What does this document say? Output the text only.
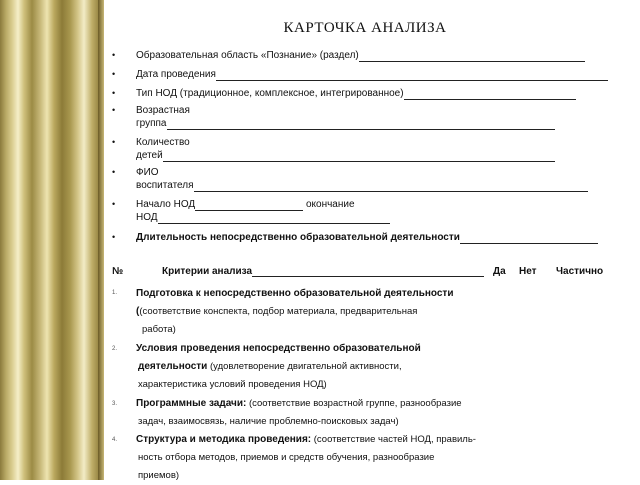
КАРТОЧКА АНАЛИЗА
• Образовательная область «Познание» (раздел)
• Дата проведения
• Тип НОД (традиционное, комплексное, интегрированное)
• Возрастная
группа
• Количество
детей
• ФИО
воспитателя
• Начало НОД	окончание
НОД
• Длительность непосредственно образовательной деятельности
№	Критерии анализа	Да Нет Частично
1. Подготовка к непосредственно образовательной деятельности
((соответствие конспекта, подбор материала, предварительная
работа)
2. Условия проведения непосредственно образовательной
деятельности (удовлетворение двигательной активности,
характеристика условий проведения НОД)
3. Программные задачи: (соответствие возрастной группе, разнообразие
задач, взаимосвязь, наличие проблемно-поисковых задач)
4. Структура и методика проведения: (соответствие частей НОД, правиль-
ность отбора методов, приемов и средств обучения, разнообразие
приемов)
